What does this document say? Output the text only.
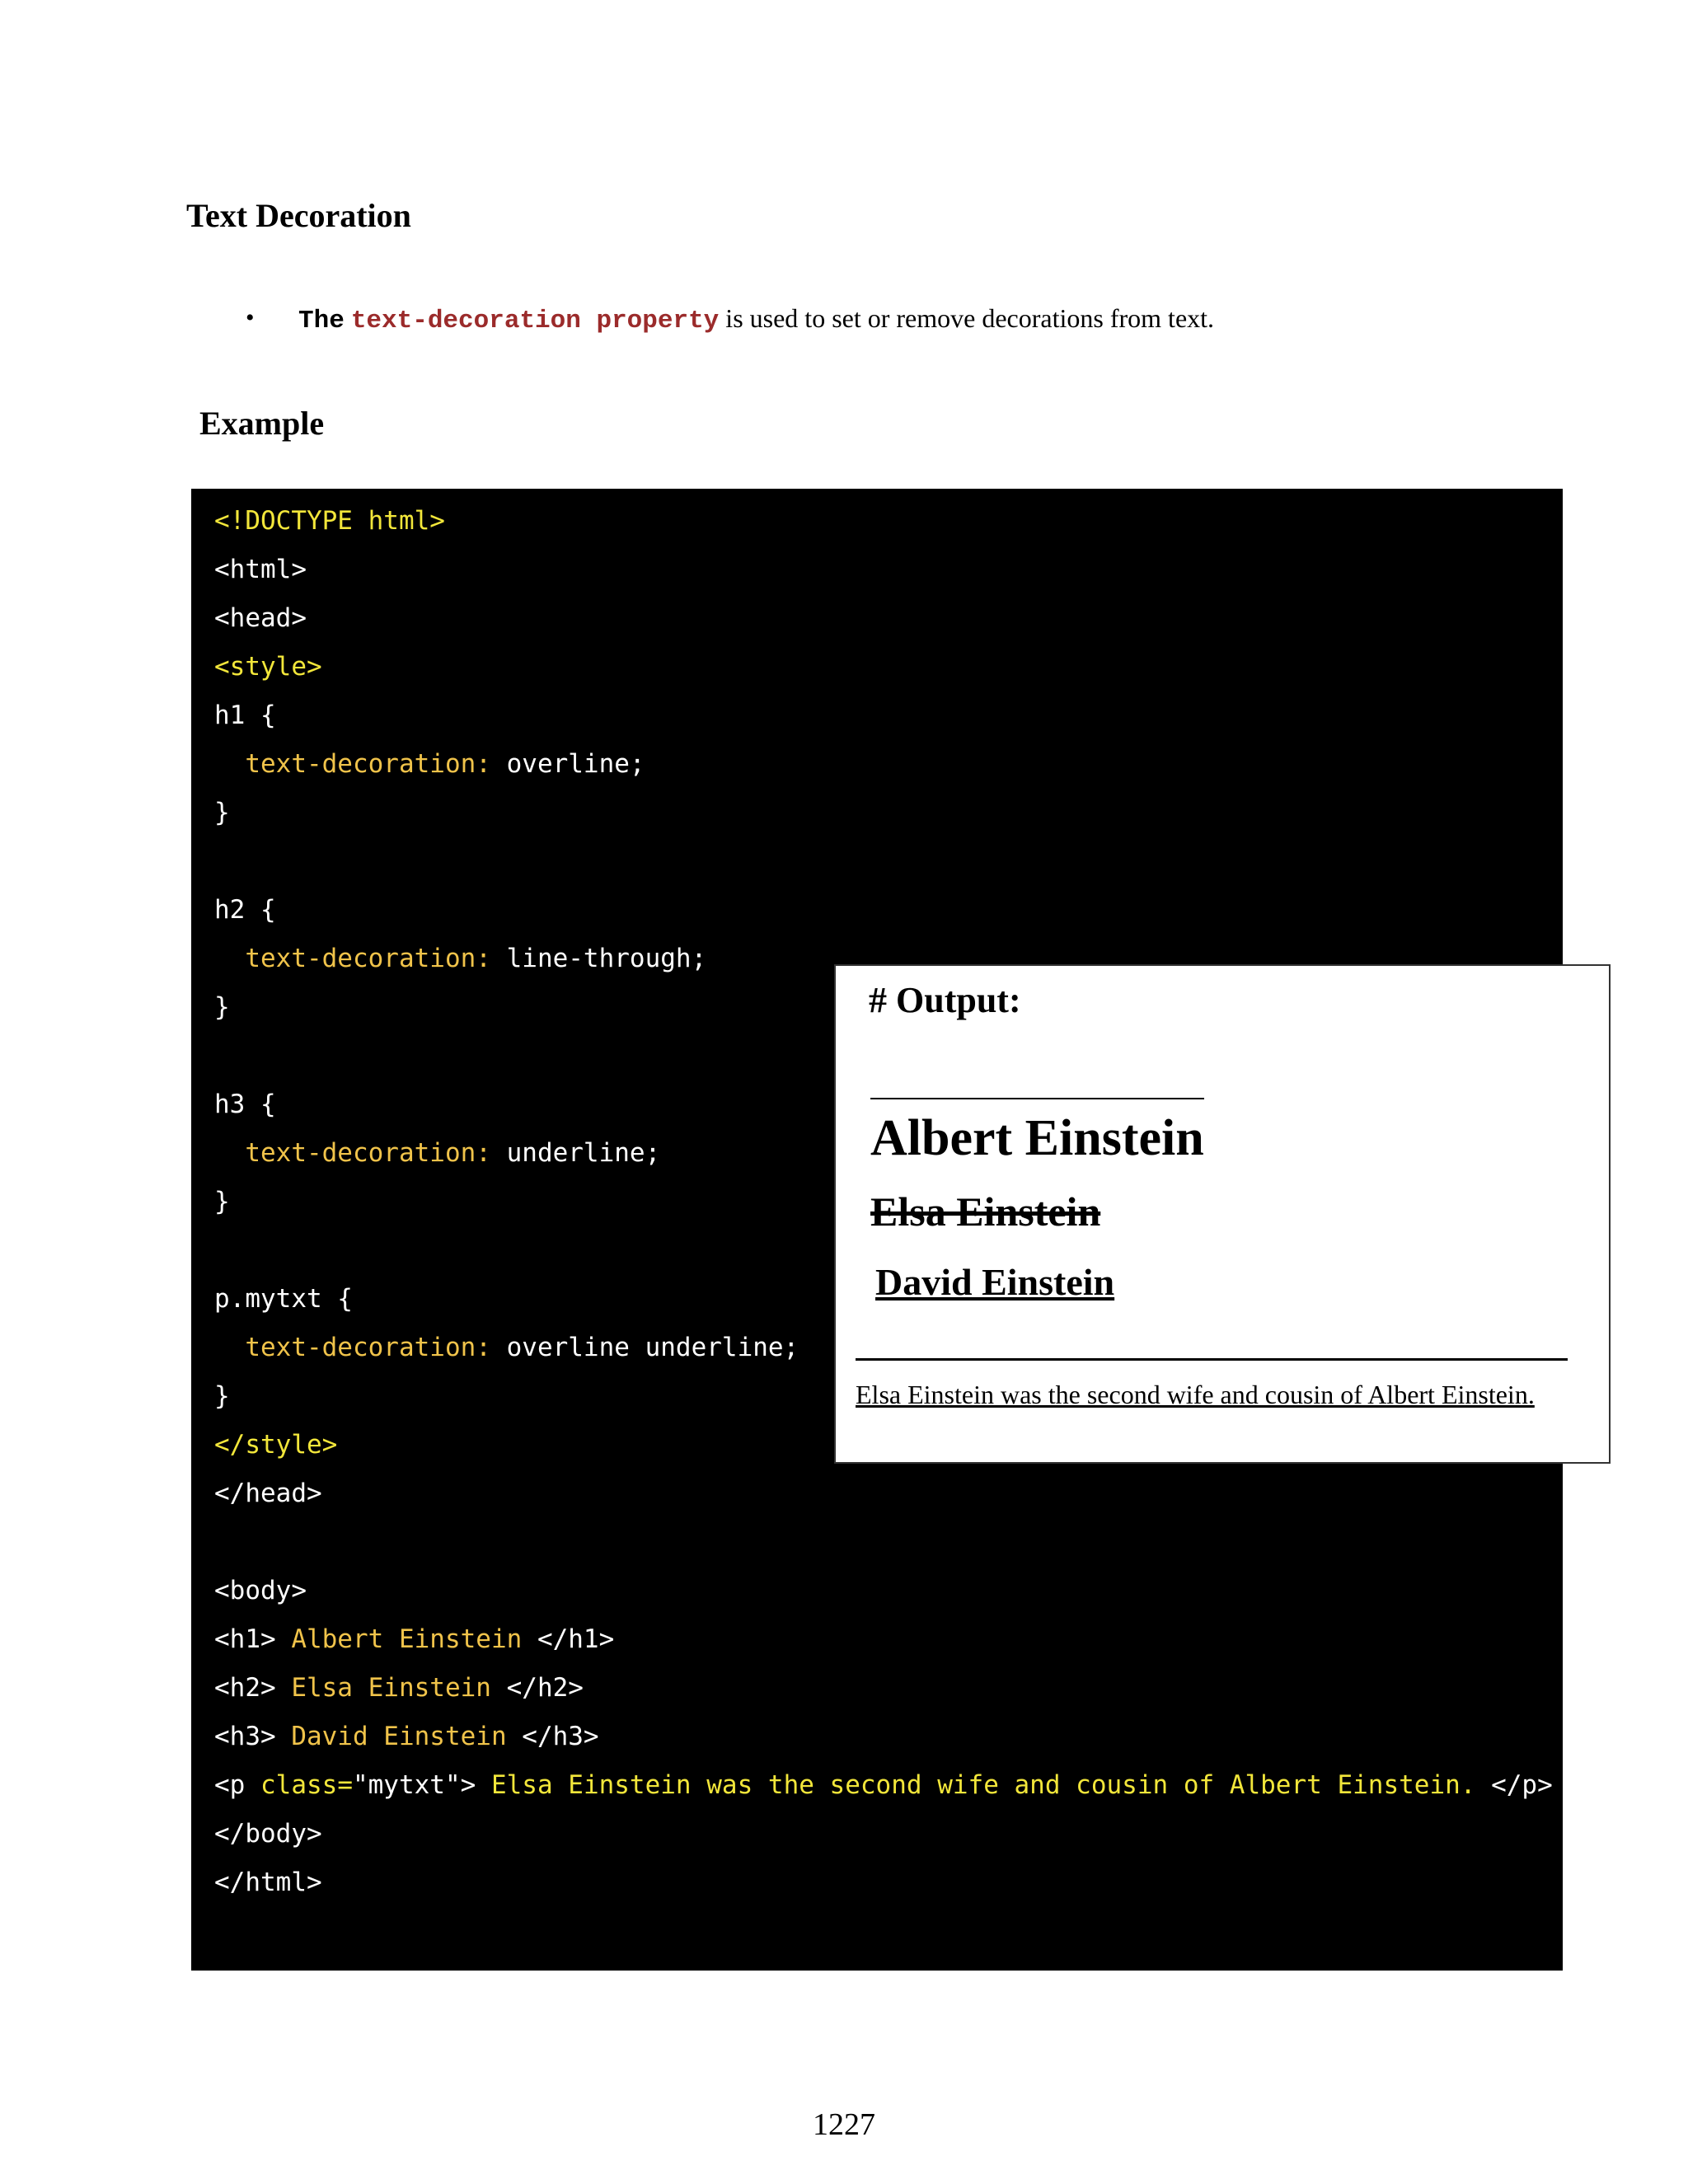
Text Decoration
• The text-decoration property is used to set or remove decorations from text.
Example
<!DOCTYPE html>
<html>
<head>
<style>
h1 {
text-decoration: overline;
}
h2 {
text-decoration: line-through;
}
h3 {
text-decoration: underline;
}
p.mytxt {
text-decoration: overline underline;
}
</style>
</head>
<body>
<h1> Albert Einstein </h1>
<h2> Elsa Einstein </h2>
<h3> David Einstein </h3>
<p class="mytxt"> Elsa Einstein was the second wife and cousin of Albert Einstein. </p>
</body>
</html>
# Output:
Albert Einstein
Elsa Einstein
David Einstein

Elsa Einstein was the second wife and cousin of Albert Einstein.

1227
